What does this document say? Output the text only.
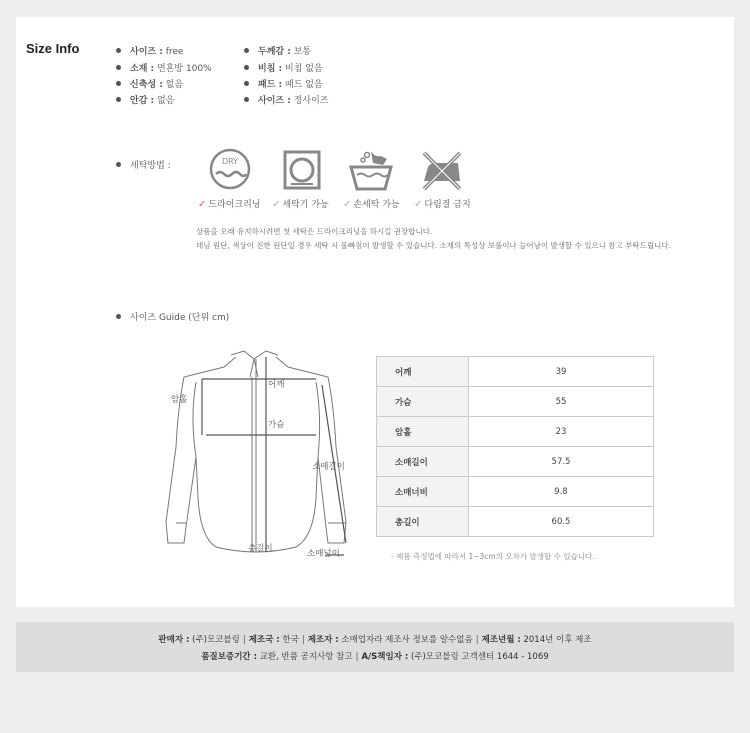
Size Info	사이즈 : free
소재 : 면혼방 100%
신축성 : 없음
안감 : 없음
두께감 : 보통
비침 : 비침 없음
패드 : 패드 없음
사이즈 : 정사이즈
세탁방법 :	DRY
✓ 드라이크리닝 ✓ 세탁기 가능 ✓ 손세탁 가능 ✓ 다림질 금지
상품을 오래 유지하시려면 첫 세탁은 드라이크리닝을 하시길 권장합니다.
데님 원단, 색상이 진한 원단일 경우 세탁 시 물빠짐이 발생할 수 있습니다. 소재의 특성상 보풀이나 늘어남이 발생할 수 있으니 참고 부탁드립니다.
사이즈 Guide (단위 cm)
어깨
암홀
가슴
소매길이
총길이	소매넓이
어깨	39
가슴	55
암홀	23
소매길이	57.5
소매너비	9.8
총길이	60.5
- 제품 측정법에 따라서 1~3cm의 오차가 발생할 수 있습니다.
판매자 : (주)모코블링 | 제조국 : 한국 | 제조자 : 소매업자라 제조사 정보를 알수없음 | 제조년월 : 2014년 이후 제조
품질보증기간 : 교환, 반품 공지사항 참고 | A/S책임자 : (주)모코블링 고객센터 1644 - 1069
